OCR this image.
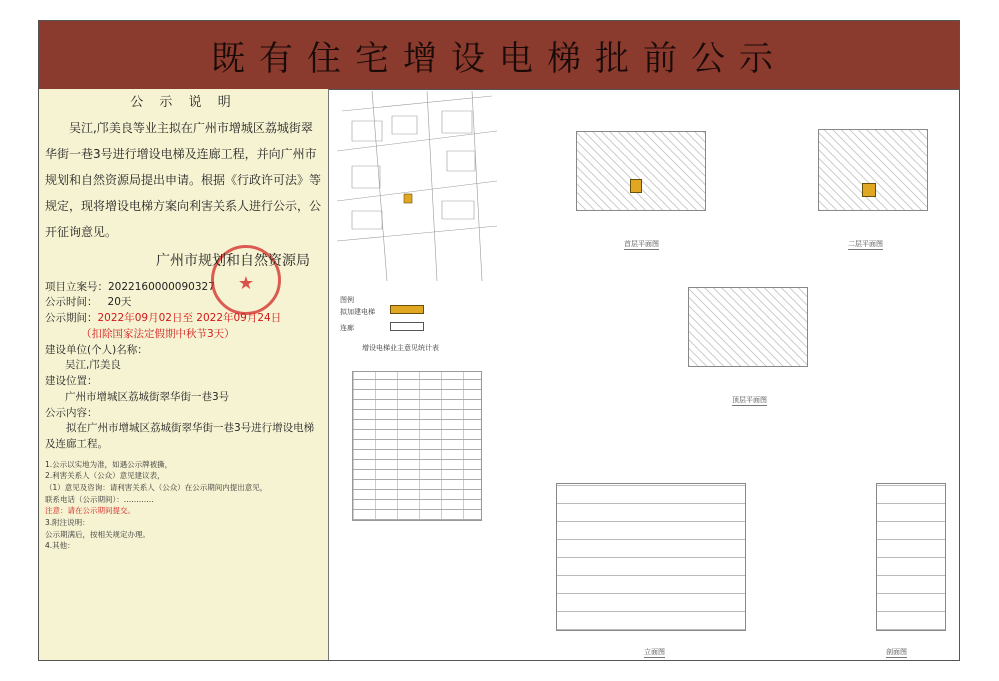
既有住宅增设电梯批前公示
公 示 说 明

吴江,邝美良等业主拟在广州市增城区荔城街翠华街一巷3号进行增设电梯及连廊工程，并向广州市规划和自然资源局提出申请。根据《行政许可法》等规定，现将增设电梯方案向利害关系人进行公示，公开征询意见。

★
广州市规划和自然资源局

项目立案号：2022160000090327

公示时间： 20天

公示期间：2022年09月02日至 2022年09月24日

（扣除国家法定假期中秋节3天）

建设单位(个人)名称：

吴江,邝美良

建设位置：

广州市增城区荔城街翠华街一巷3号

公示内容：

拟在广州市增城区荔城街翠华街一巷3号进行增设电梯及连廊工程。

1.公示以实地为准，如遇公示牌被撕，
2.利害关系人（公众）意见建议表，
（1）意见及咨询：请利害关系人（公众）在公示期间内提出意见，
联系电话（公示期间）：…………
注意：请在公示期间提交。
3.附注说明：
公示期满后，按相关规定办理。
4.其他：
图例
拟加建电梯
连廊
增设电梯业主意见统计表
首层平面图	二层平面图
顶层平面图
立面图	剖面图
